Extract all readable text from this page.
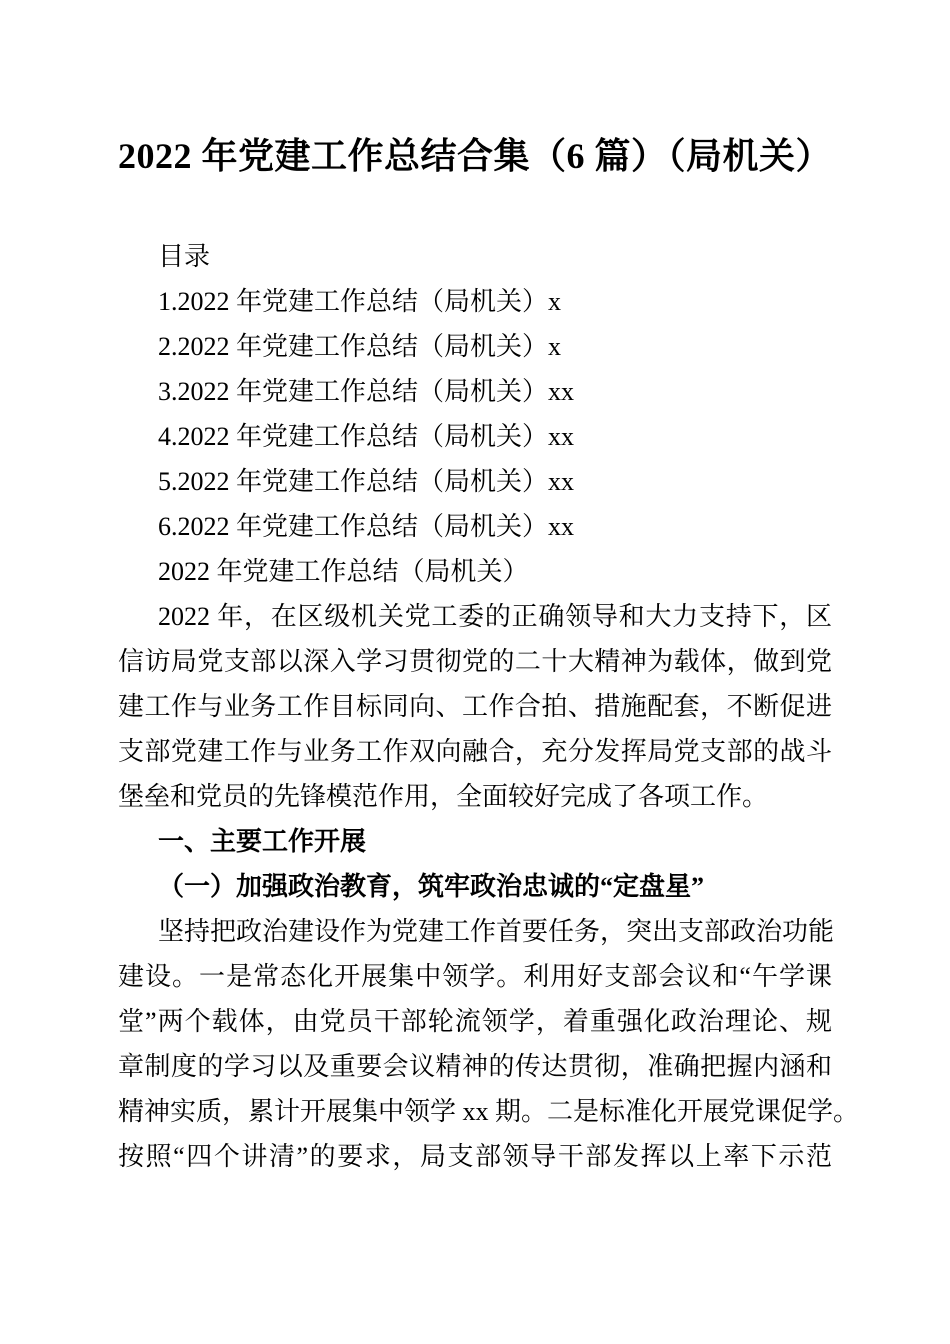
2022 年党建工作总结合集（6 篇）（局机关）
目录
1.2022 年党建工作总结（局机关）x
2.2022 年党建工作总结（局机关）x
3.2022 年党建工作总结（局机关）xx
4.2022 年党建工作总结（局机关）xx
5.2022 年党建工作总结（局机关）xx
6.2022 年党建工作总结（局机关）xx
2022 年党建工作总结（局机关）
2022 年，在区级机关党工委的正确领导和大力支持下，区
信访局党支部以深入学习贯彻党的二十大精神为载体，做到党
建工作与业务工作目标同向、工作合拍、措施配套，不断促进
支部党建工作与业务工作双向融合，充分发挥局党支部的战斗
堡垒和党员的先锋模范作用，全面较好完成了各项工作。
一、主要工作开展
（一）加强政治教育，筑牢政治忠诚的“定盘星”
坚持把政治建设作为党建工作首要任务，突出支部政治功能
建设。一是常态化开展集中领学。利用好支部会议和“午学课
堂”两个载体，由党员干部轮流领学，着重强化政治理论、规
章制度的学习以及重要会议精神的传达贯彻，准确把握内涵和
精神实质，累计开展集中领学 xx 期。二是标准化开展党课促学。
按照“四个讲清”的要求，局支部领导干部发挥以上率下示范
